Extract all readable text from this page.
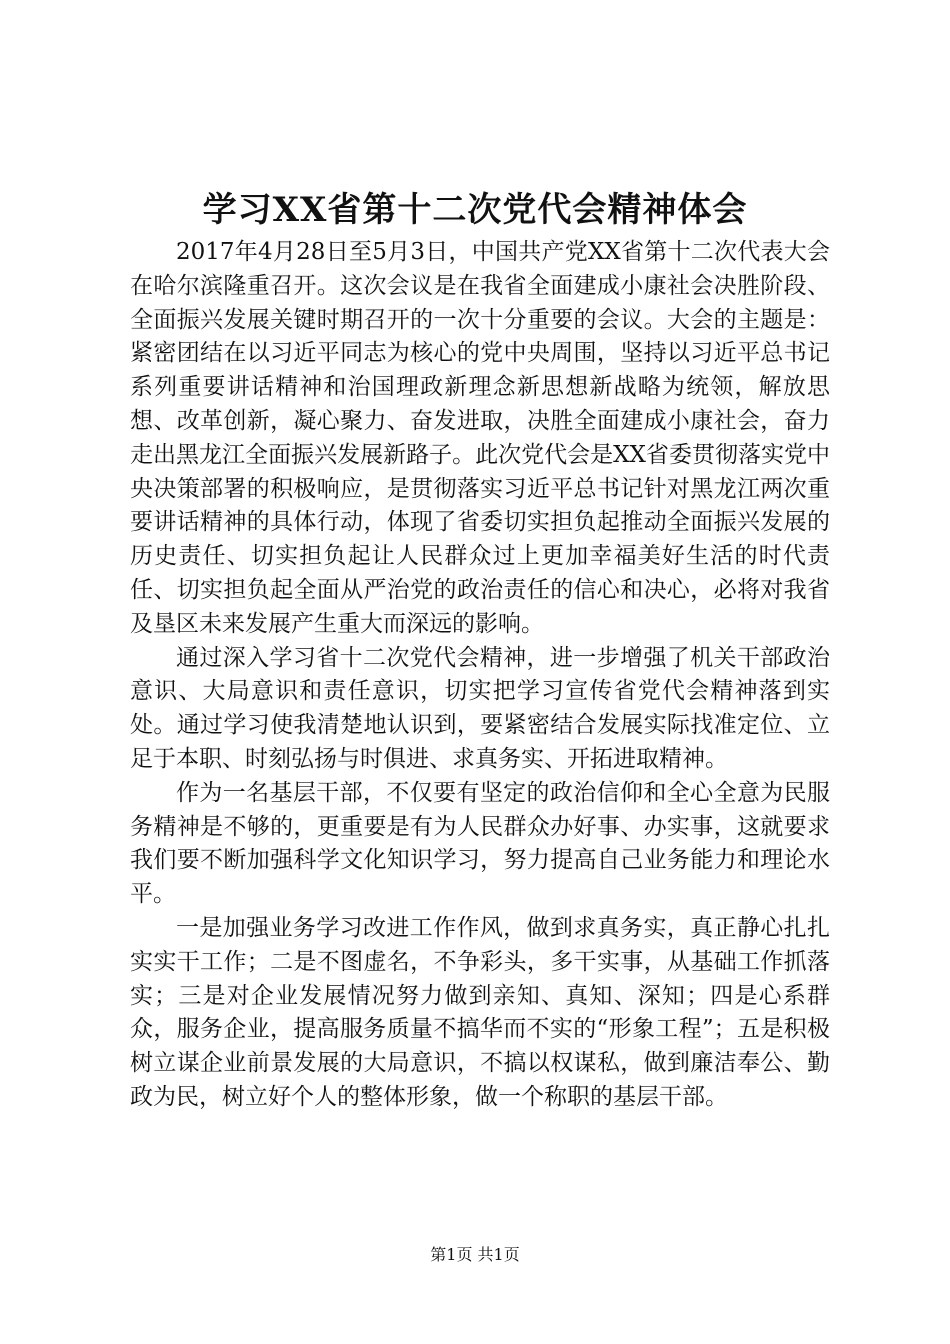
学习XX省第十二次党代会精神体会

2017年4月28日至5月3日，中国共产党XX省第十二次代表大会在哈尔滨隆重召开。这次会议是在我省全面建成小康社会决胜阶段、全面振兴发展关键时期召开的一次十分重要的会议。大会的主题是：紧密团结在以习近平同志为核心的党中央周围，坚持以习近平总书记系列重要讲话精神和治国理政新理念新思想新战略为统领，解放思想、改革创新，凝心聚力、奋发进取，决胜全面建成小康社会，奋力走出黑龙江全面振兴发展新路子。此次党代会是XX省委贯彻落实党中央决策部署的积极响应，是贯彻落实习近平总书记针对黑龙江两次重要讲话精神的具体行动，体现了省委切实担负起推动全面振兴发展的历史责任、切实担负起让人民群众过上更加幸福美好生活的时代责任、切实担负起全面从严治党的政治责任的信心和决心，必将对我省及垦区未来发展产生重大而深远的影响。

通过深入学习省十二次党代会精神，进一步增强了机关干部政治意识、大局意识和责任意识，切实把学习宣传省党代会精神落到实处。通过学习使我清楚地认识到，要紧密结合发展实际找准定位、立足于本职、时刻弘扬与时俱进、求真务实、开拓进取精神。

作为一名基层干部，不仅要有坚定的政治信仰和全心全意为民服务精神是不够的，更重要是有为人民群众办好事、办实事，这就要求我们要不断加强科学文化知识学习，努力提高自己业务能力和理论水平。

一是加强业务学习改进工作作风，做到求真务实，真正静心扎扎实实干工作；二是不图虚名，不争彩头，多干实事，从基础工作抓落实；三是对企业发展情况努力做到亲知、真知、深知；四是心系群众，服务企业，提高服务质量不搞华而不实的“形象工程”；五是积极树立谋企业前景发展的大局意识，不搞以权谋私，做到廉洁奉公、勤政为民，树立好个人的整体形象，做一个称职的基层干部。

第1页 共1页
